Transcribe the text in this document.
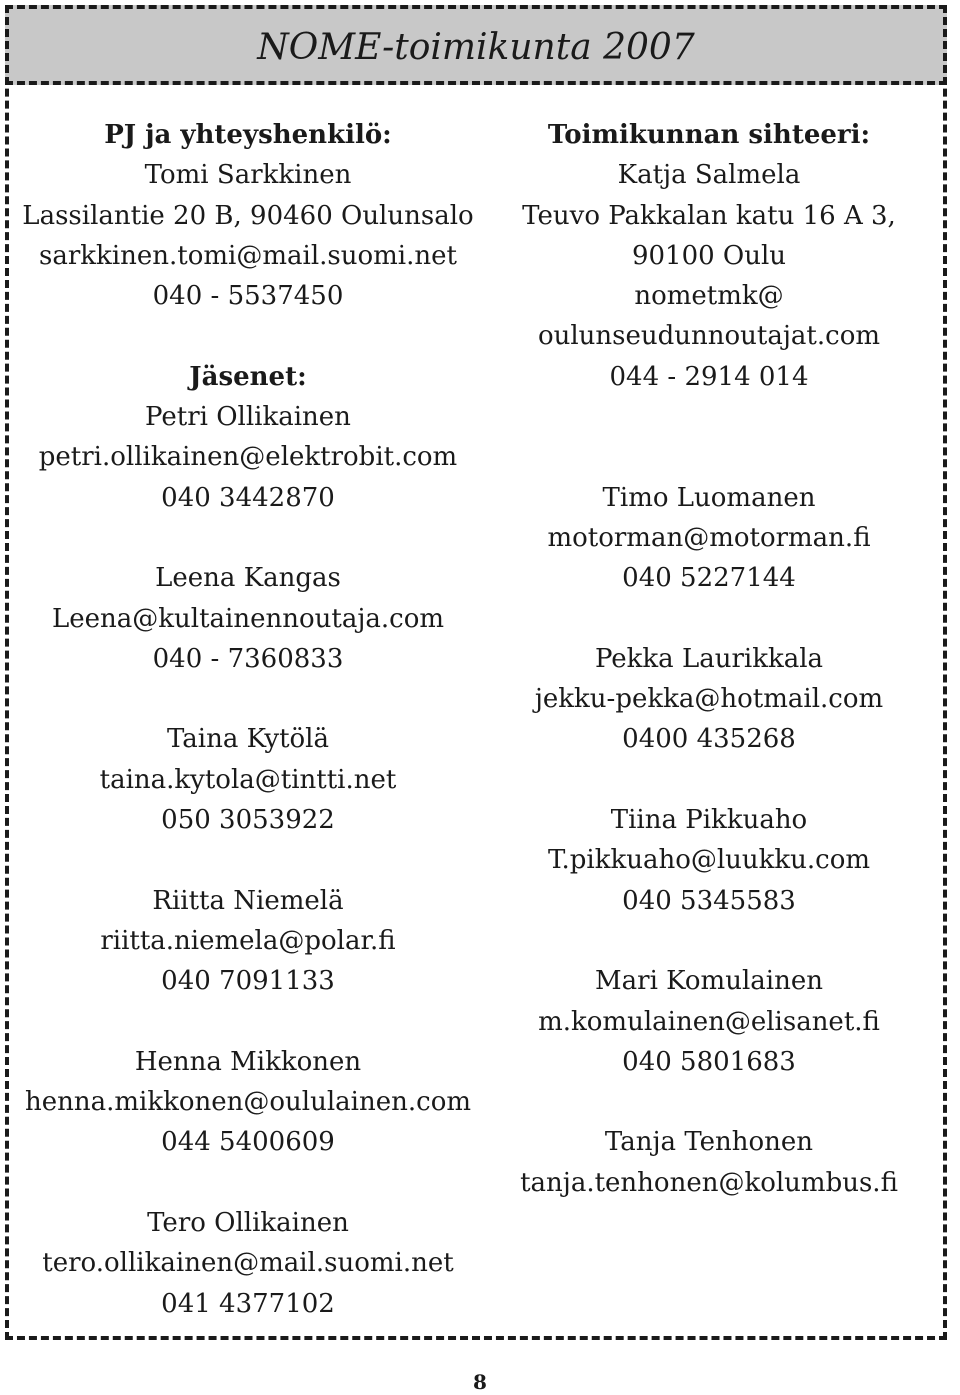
NOME-toimikunta 2007
PJ ja yhteyshenkilö:
Tomi Sarkkinen
Lassilantie 20 B, 90460 Oulunsalo
sarkkinen.tomi@mail.suomi.net
040 - 5537450
Jäsenet:
Petri Ollikainen
petri.ollikainen@elektrobit.com
040 3442870
Leena Kangas
Leena@kultainennoutaja.com
040 - 7360833
Taina Kytölä
taina.kytola@tintti.net
050 3053922
Riitta Niemelä
riitta.niemela@polar.fi
040 7091133
Henna Mikkonen
henna.mikkonen@oululainen.com
044 5400609
Tero Ollikainen
tero.ollikainen@mail.suomi.net
041 4377102
Toimikunnan sihteeri:
Katja Salmela
Teuvo Pakkalan katu 16 A 3,
90100 Oulu
nometmk@
oulunseudunnoutajat.com
044 - 2914 014
Timo Luomanen
motorman@motorman.fi
040 5227144
Pekka Laurikkala
jekku-pekka@hotmail.com
0400 435268
Tiina Pikkuaho
T.pikkuaho@luukku.com
040 5345583
Mari Komulainen
m.komulainen@elisanet.fi
040 5801683
Tanja Tenhonen
tanja.tenhonen@kolumbus.fi
8
